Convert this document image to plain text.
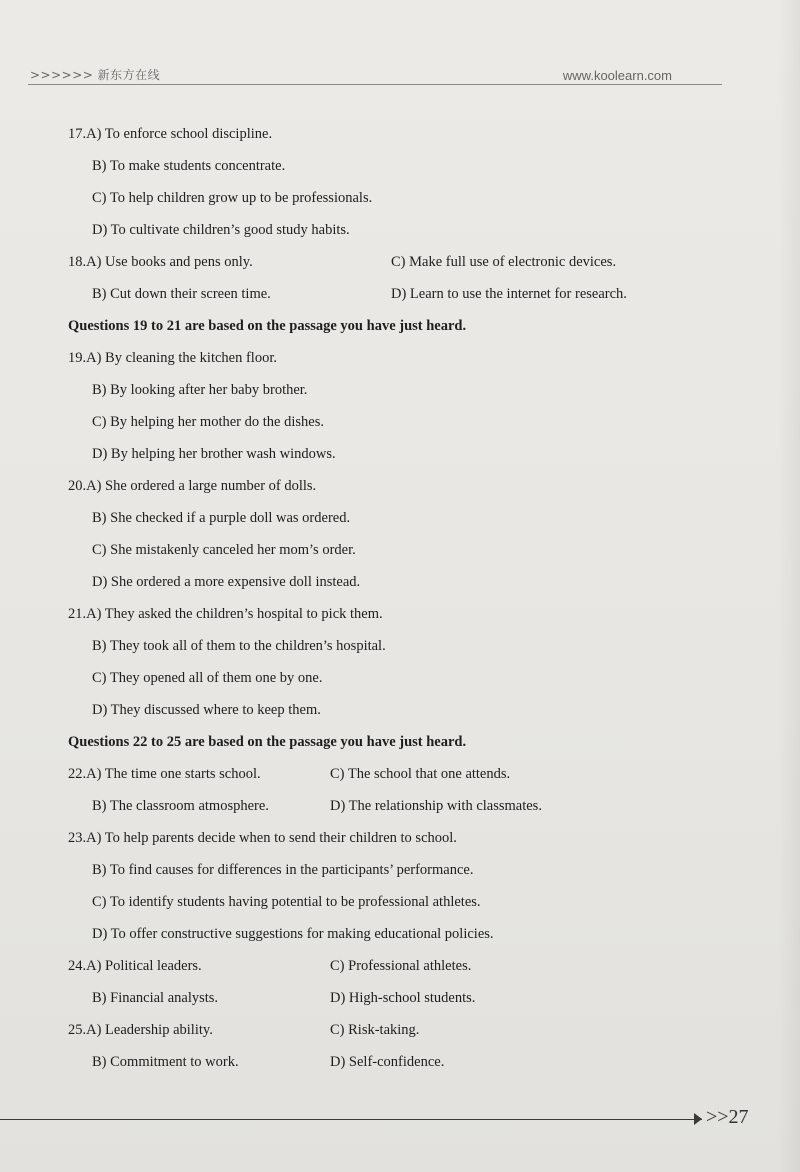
>>>>>> 新东方在线	www.koolearn.com
17.A) To enforce school discipline.
B) To make students concentrate.
C) To help children grow up to be professionals.
D) To cultivate children’s good study habits.
18.A) Use books and pens only.	C) Make full use of electronic devices.
B) Cut down their screen time.	D) Learn to use the internet for research.
Questions 19 to 21 are based on the passage you have just heard.
19.A) By cleaning the kitchen floor.
B) By looking after her baby brother.
C) By helping her mother do the dishes.
D) By helping her brother wash windows.
20.A) She ordered a large number of dolls.
B) She checked if a purple doll was ordered.
C) She mistakenly canceled her mom’s order.
D) She ordered a more expensive doll instead.
21.A) They asked the children’s hospital to pick them.
B) They took all of them to the children’s hospital.
C) They opened all of them one by one.
D) They discussed where to keep them.
Questions 22 to 25 are based on the passage you have just heard.
22.A) The time one starts school.	C) The school that one attends.
B) The classroom atmosphere.	D) The relationship with classmates.
23.A) To help parents decide when to send their children to school.
B) To find causes for differences in the participants’ performance.
C) To identify students having potential to be professional athletes.
D) To offer constructive suggestions for making educational policies.
24.A) Political leaders.	C) Professional athletes.
B) Financial analysts.	D) High-school students.
25.A) Leadership ability.	C) Risk-taking.
B) Commitment to work.	D) Self-confidence.
>>27
